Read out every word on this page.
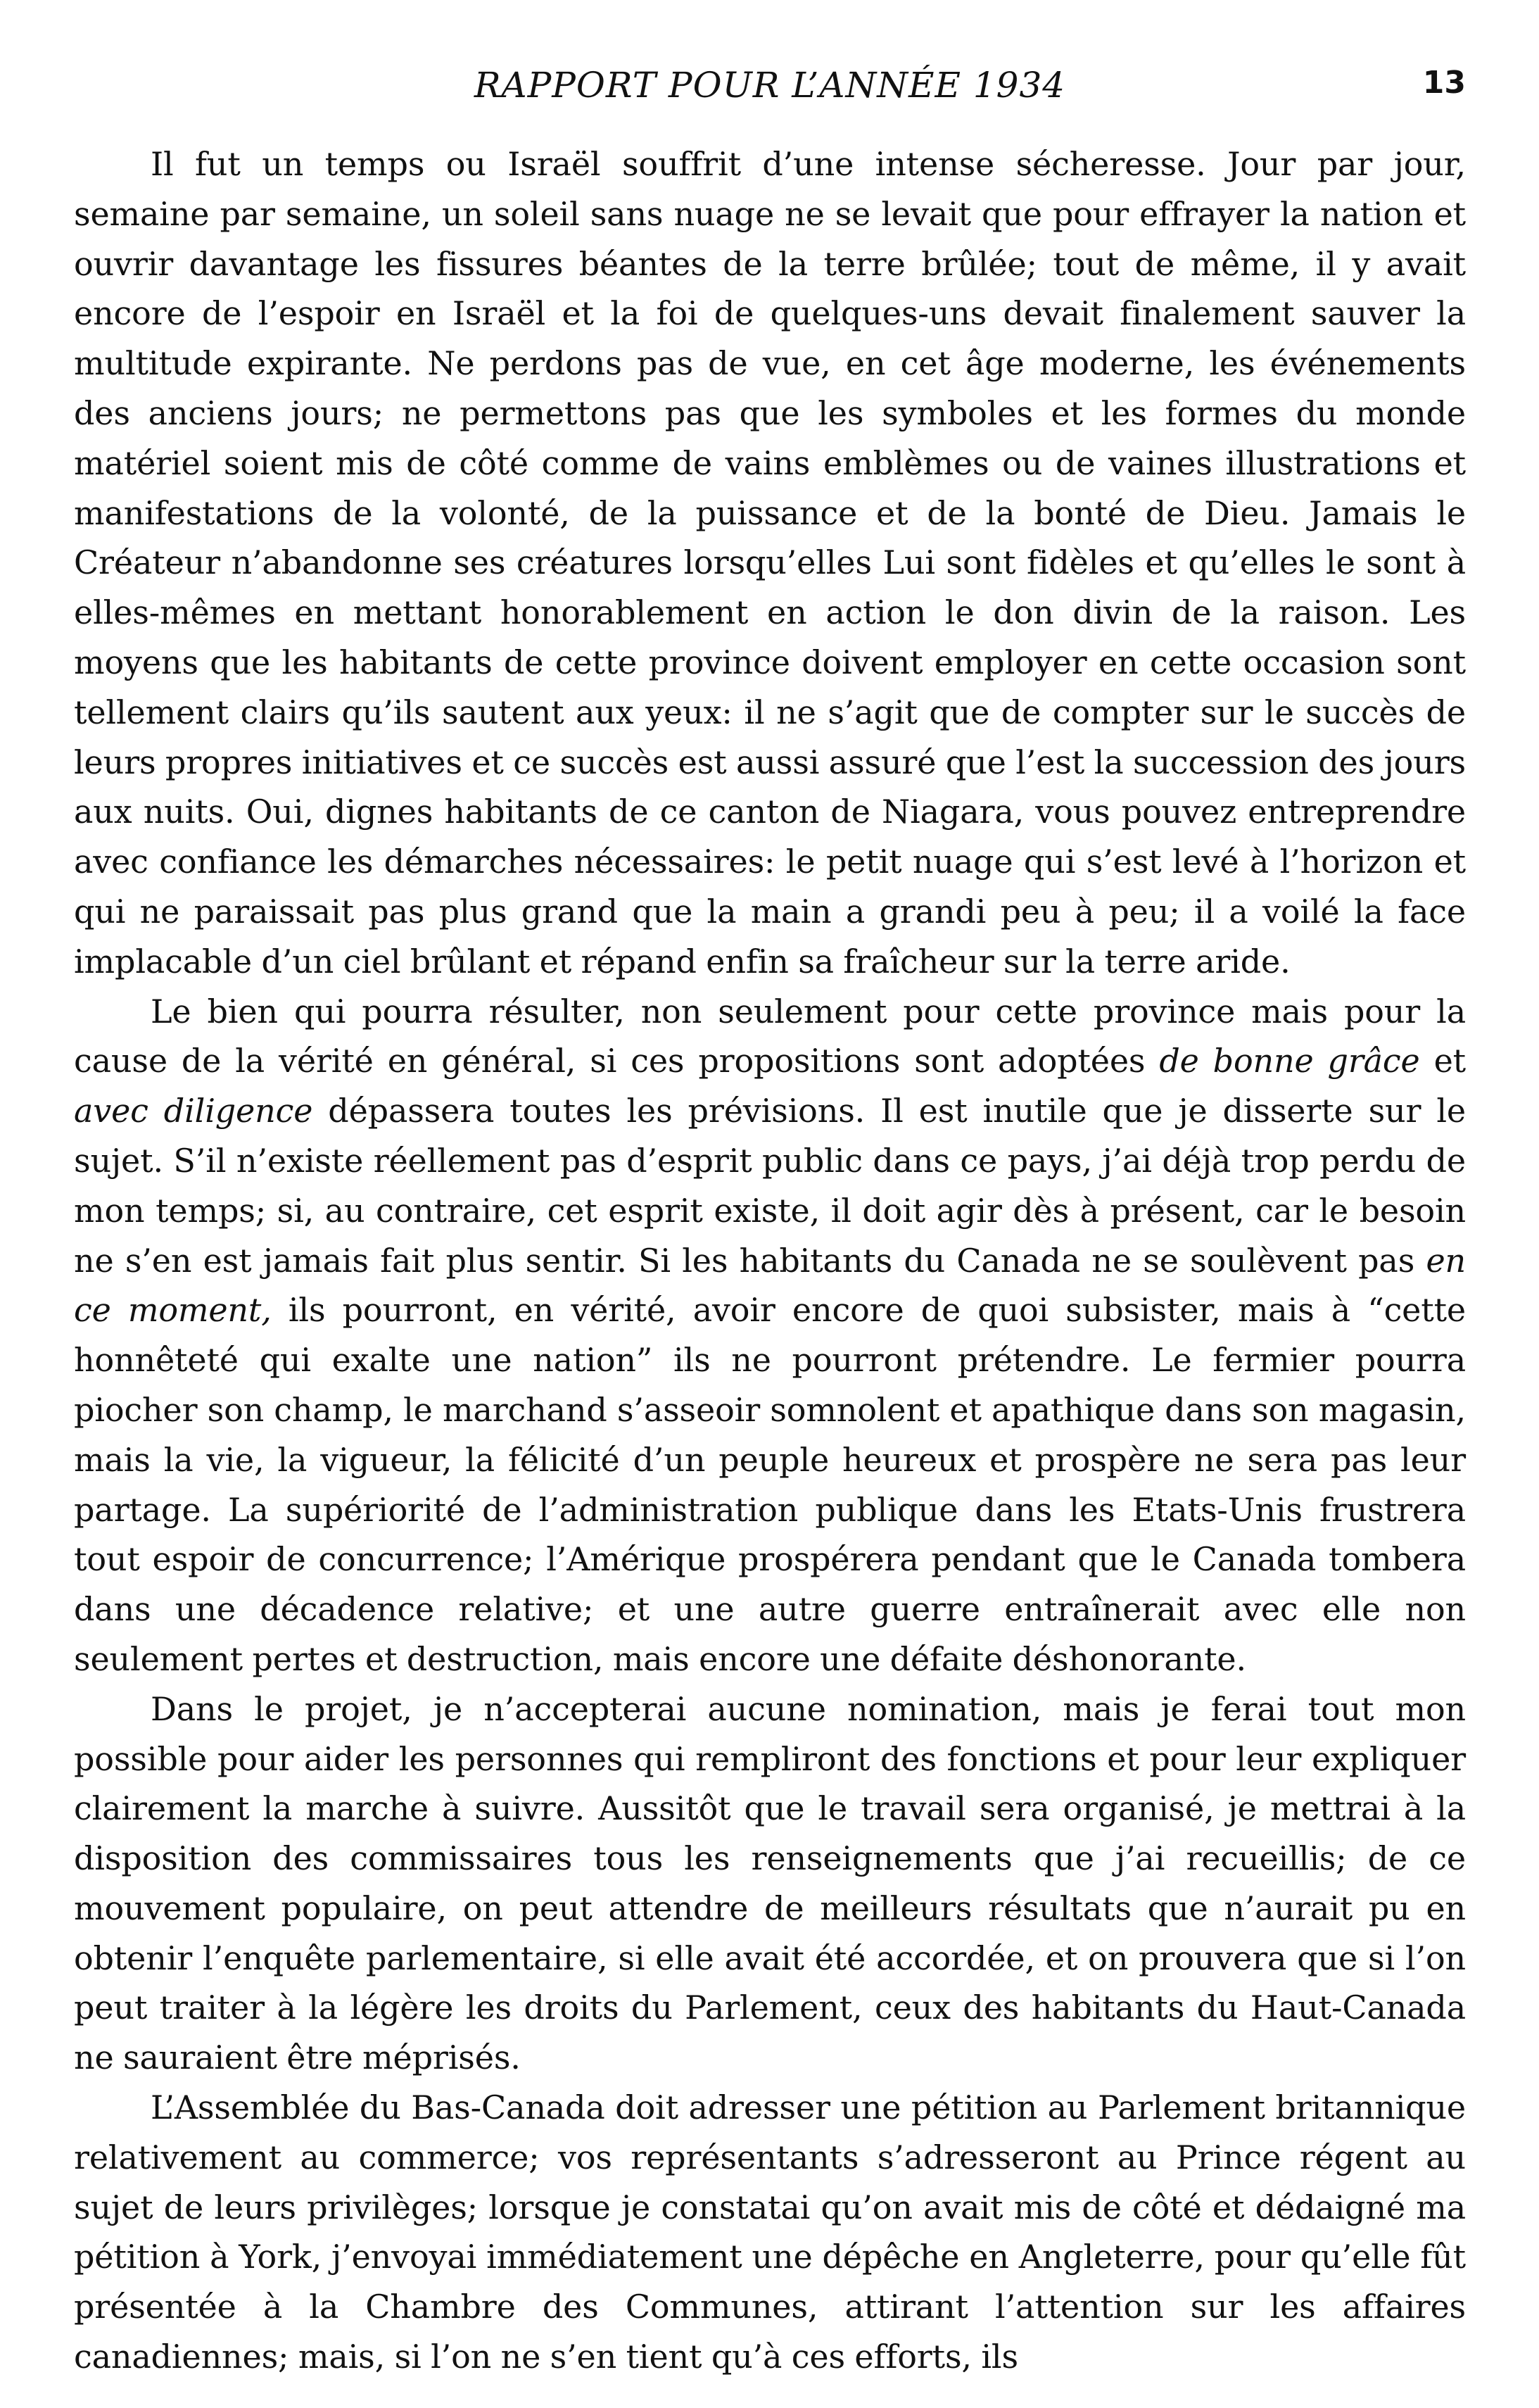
RAPPORT POUR L’ANNÉE 1934	13

Il fut un temps ou Israël souffrit d’une intense sécheresse. Jour par jour, semaine par semaine, un soleil sans nuage ne se levait que pour effrayer la nation et ouvrir davantage les fissures béantes de la terre brûlée; tout de même, il y avait encore de l’espoir en Israël et la foi de quelques-uns devait finalement sauver la multitude expirante. Ne perdons pas de vue, en cet âge moderne, les événements des anciens jours; ne permettons pas que les symboles et les formes du monde matériel soient mis de côté comme de vains emblèmes ou de vaines illustrations et manifestations de la volonté, de la puissance et de la bonté de Dieu. Jamais le Créateur n’abandonne ses créatures lorsqu’elles Lui sont fidèles et qu’elles le sont à elles-mêmes en mettant honorablement en action le don divin de la raison. Les moyens que les habitants de cette province doivent employer en cette occasion sont tellement clairs qu’ils sautent aux yeux: il ne s’agit que de compter sur le succès de leurs propres initiatives et ce succès est aussi assuré que l’est la succession des jours aux nuits. Oui, dignes habitants de ce canton de Niagara, vous pouvez entreprendre avec confiance les démarches nécessaires: le petit nuage qui s’est levé à l’horizon et qui ne paraissait pas plus grand que la main a grandi peu à peu; il a voilé la face implacable d’un ciel brûlant et répand enfin sa fraîcheur sur la terre aride.

Le bien qui pourra résulter, non seulement pour cette province mais pour la cause de la vérité en général, si ces propositions sont adoptées de bonne grâce et avec diligence dépassera toutes les prévisions. Il est inutile que je disserte sur le sujet. S’il n’existe réellement pas d’esprit public dans ce pays, j’ai déjà trop perdu de mon temps; si, au contraire, cet esprit existe, il doit agir dès à présent, car le besoin ne s’en est jamais fait plus sentir. Si les habitants du Canada ne se soulèvent pas en ce moment, ils pourront, en vérité, avoir encore de quoi subsister, mais à “cette honnêteté qui exalte une nation” ils ne pourront prétendre. Le fermier pourra piocher son champ, le marchand s’asseoir somnolent et apathique dans son magasin, mais la vie, la vigueur, la félicité d’un peuple heureux et prospère ne sera pas leur partage. La supériorité de l’administration publique dans les Etats-Unis frustrera tout espoir de concurrence; l’Amérique prospérera pendant que le Canada tombera dans une décadence relative; et une autre guerre entraînerait avec elle non seulement pertes et destruction, mais encore une défaite déshonorante.

Dans le projet, je n’accepterai aucune nomination, mais je ferai tout mon possible pour aider les personnes qui rempliront des fonctions et pour leur expliquer clairement la marche à suivre. Aussitôt que le travail sera organisé, je mettrai à la disposition des commissaires tous les renseignements que j’ai recueillis; de ce mouvement populaire, on peut attendre de meilleurs résultats que n’aurait pu en obtenir l’enquête parlementaire, si elle avait été accordée, et on prouvera que si l’on peut traiter à la légère les droits du Parlement, ceux des habitants du Haut-Canada ne sauraient être méprisés.

L’Assemblée du Bas-Canada doit adresser une pétition au Parlement britannique relativement au commerce; vos représentants s’adresseront au Prince régent au sujet de leurs privilèges; lorsque je constatai qu’on avait mis de côté et dédaigné ma pétition à York, j’envoyai immédiatement une dépêche en Angleterre, pour qu’elle fût présentée à la Chambre des Communes, attirant l’attention sur les affaires canadiennes; mais, si l’on ne s’en tient qu’à ces efforts, ils
